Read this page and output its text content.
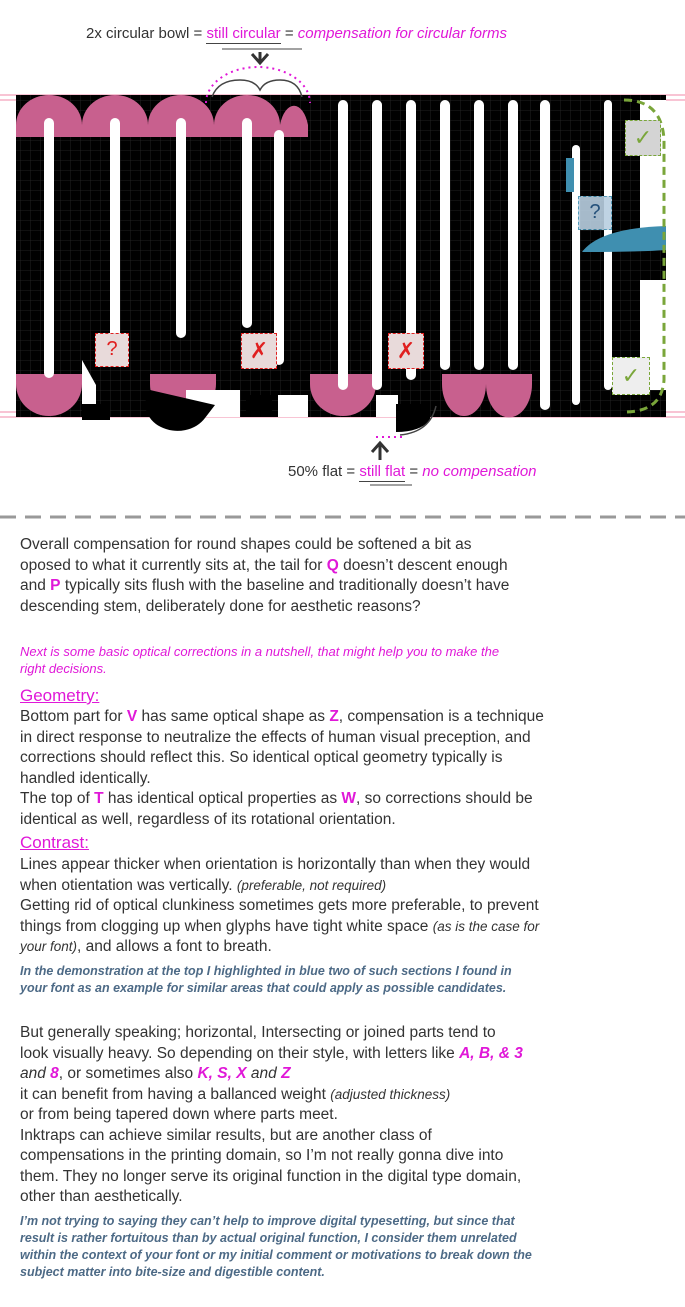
2x circular bowl = still circular = compensation for circular forms
?	✗	✗
?
✓
✓
50% flat = still flat = no compensation
Overall compensation for round shapes could be softened a bit as oposed to what it currently sits at, the tail for Q doesn’t descent enough and P typically sits flush with the baseline and traditionally doesn’t have descending stem, deliberately done for aesthetic reasons?
Next is some basic optical corrections in a nutshell, that might help you to make the right decisions.
Geometry:
Bottom part for V has same optical shape as Z, compensation is a technique in direct response to neutralize the effects of human visual preception, and corrections should reflect this. So identical optical geometry typically is handled identically.
The top of T has identical optical properties as W, so corrections should be identical as well, regardless of its rotational orientation.
Contrast:
Lines appear thicker when orientation is horizontally than when they would when otientation was vertically. (preferable, not required)
Getting rid of optical clunkiness sometimes gets more preferable, to prevent things from clogging up when glyphs have tight white space (as is the case for your font), and allows a font to breath.
In the demonstration at the top I highlighted in blue two of such sections I found in your font as an example for similar areas that could apply as possible candidates.
But generally speaking; horizontal, Intersecting or joined parts tend to look visually heavy. So depending on their style, with letters like A, B, & 3 and 8, or sometimes also K, S, X and Z
it can benefit from having a ballanced weight (adjusted thickness)
or from being tapered down where parts meet.
Inktraps can achieve similar results, but are another class of compensations in the printing domain, so I’m not really gonna dive into them. They no longer serve its original function in the digital type domain, other than aesthetically.
I’m not trying to saying they can’t help to improve digital typesetting, but since that result is rather fortuitous than by actual original function, I consider them unrelated within the context of your font or my initial comment or motivations to break down the subject matter into bite-size and digestible content.
